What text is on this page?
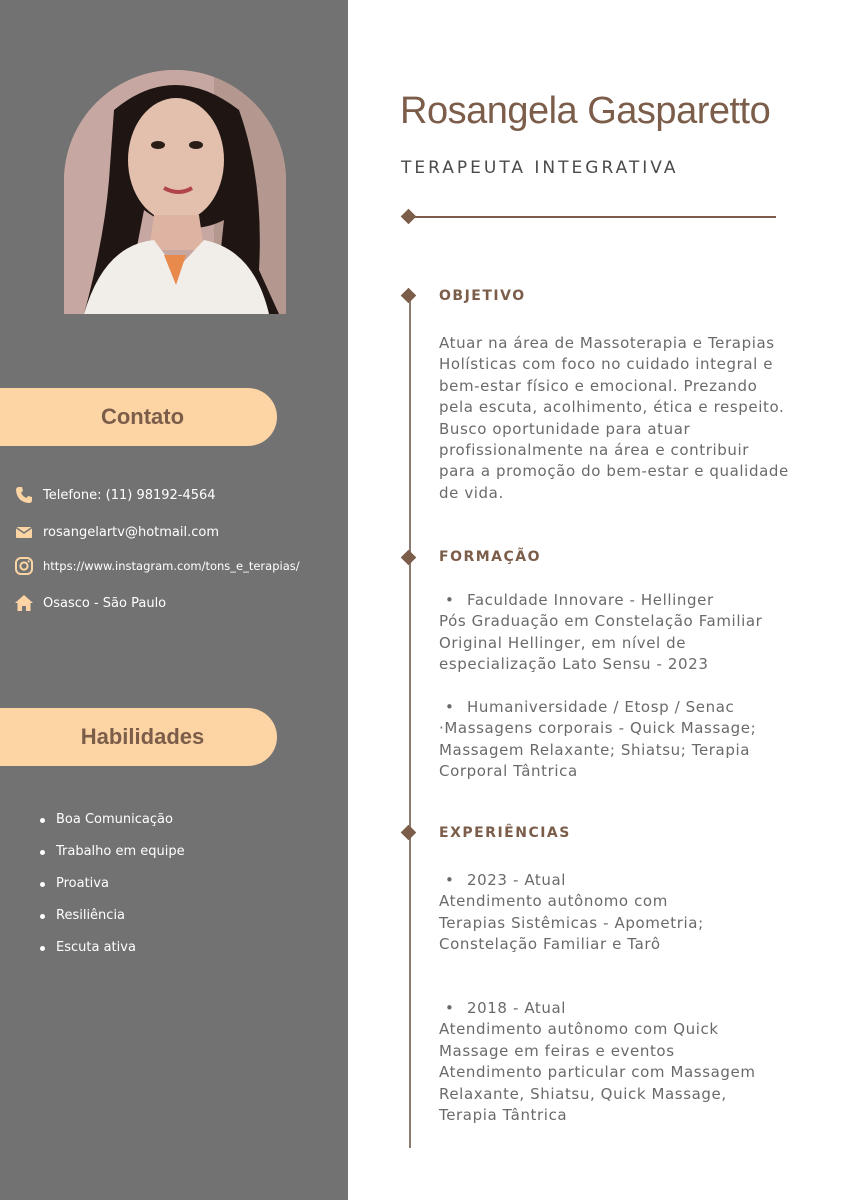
Contato
Telefone: (11) 98192-4564
rosangelartv@hotmail.com
https://www.instagram.com/tons_e_terapias/
Osasco - São Paulo
Habilidades
Boa Comunicação
Trabalho em equipe
Proativa
Resiliência
Escuta ativa
Rosangela Gasparetto
TERAPEUTA INTEGRATIVA
OBJETIVO
Atuar na área de Massoterapia e Terapias Holísticas com foco no cuidado integral e bem-estar físico e emocional. Prezando pela escuta, acolhimento, ética e respeito. Busco oportunidade para atuar profissionalmente na área e contribuir para a promoção do bem-estar e qualidade de vida.
FORMAÇÃO
• Faculdade Innovare - Hellinger
Pós Graduação em Constelação Familiar Original Hellinger, em nível de especialização Lato Sensu - 2023
• Humaniversidade / Etosp / Senac
·Massagens corporais - Quick Massage; Massagem Relaxante; Shiatsu; Terapia Corporal Tântrica
EXPERIÊNCIAS
• 2023 - Atual
Atendimento autônomo com Terapias Sistêmicas - Apometria; Constelação Familiar e Tarô
• 2018 - Atual
Atendimento autônomo com Quick Massage em feiras e eventos Atendimento particular com Massagem Relaxante, Shiatsu, Quick Massage, Terapia Tântrica
